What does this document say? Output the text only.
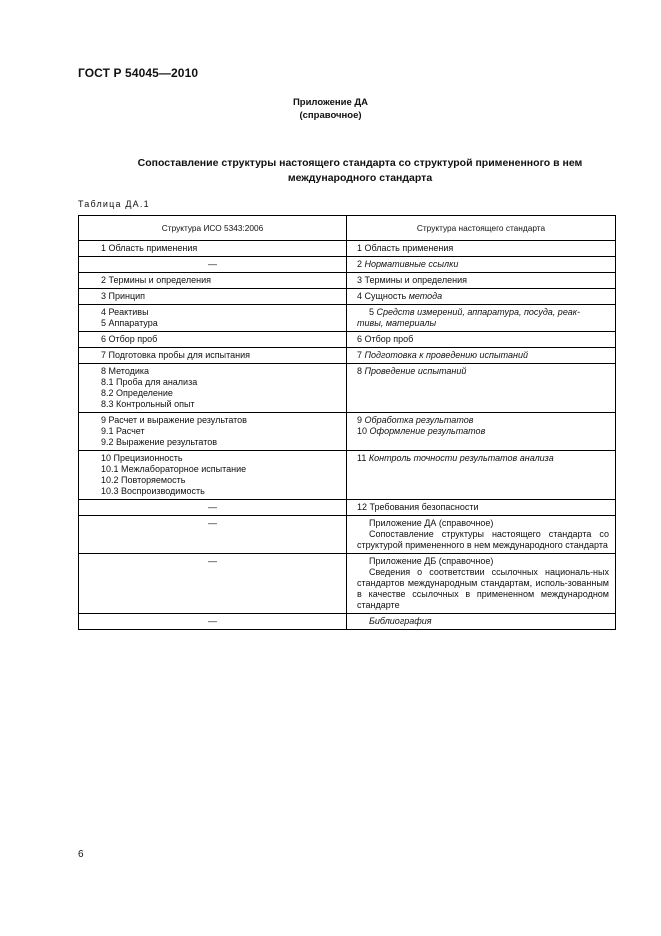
ГОСТ Р 54045—2010
Приложение ДА
(справочное)
Сопоставление структуры настоящего стандарта со структурой примененного в нем
международного стандарта
Таблица ДА.1
Структура ИСО 5343:2006	Структура настоящего стандарта

1 Область применения	1 Область применения

—	2 Нормативные ссылки

2 Термины и определения	3 Термины и определения

3 Принцип	4 Сущность метода

4 Реактивы
5 Аппаратура	5 Средств измерений, аппаратура, посуда, реак-
тивы, материалы

6 Отбор проб	6 Отбор проб

7 Подготовка пробы для испытания	7 Подготовка к проведению испытаний

8 Методика
8.1 Проба для анализа
8.2 Определение
8.3 Контрольный опыт	8 Проведение испытаний

9 Расчет и выражение результатов
9.1 Расчет
9.2 Выражение результатов	9 Обработка результатов
10 Оформление результатов

10 Прецизионность
10.1 Межлабораторное испытание
10.2 Повторяемость
10.3 Воспроизводимость	11 Контроль точности результатов анализа

—	12 Требования безопасности

—	Приложение ДА (справочное)
Сопоставление структуры настоящего стандарта со структурой примененного в нем международного стандарта

—	Приложение ДБ (справочное)
Сведения о соответствии ссылочных националь-ных стандартов международным стандартам, исполь-зованным в качестве ссылочных в примененном международном стандарте

—	Библиография
6
